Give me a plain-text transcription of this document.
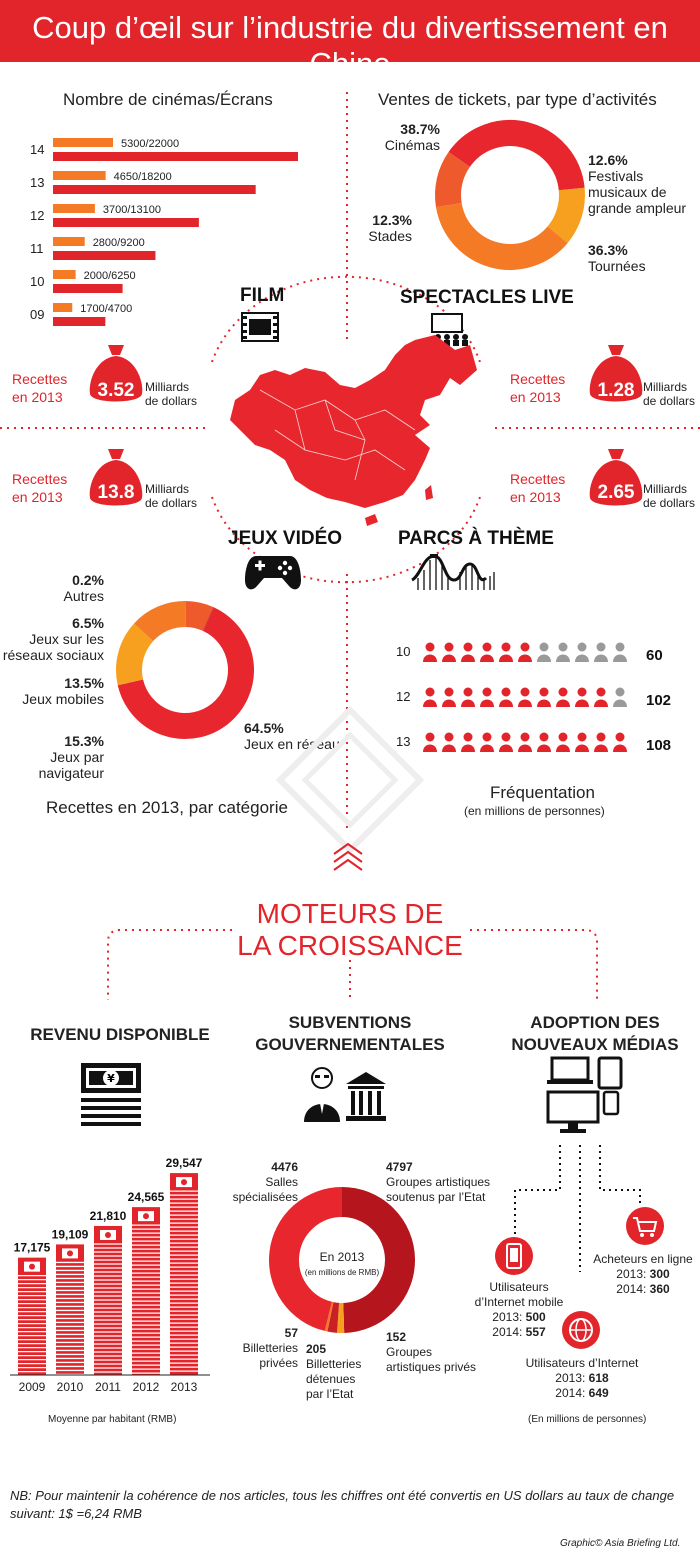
Coup d’œil sur l’industrie du divertissement en Chine
Nombre de cinémas/Écrans
14	5300/22000
13	4650/18200
12	3700/13100
11	2800/9200
10	2000/6250
09	1700/4700
Ventes de tickets, par type d’activités
38.7%
Cinémas
12.6%
Festivals
musicaux de
grande ampleur
12.3%
Stades
36.3%
Tournées
FILM	SPECTACLES LIVE
3.52
Recettes
en 2013
Milliards
de dollars	1.28
Recettes
en 2013
Milliards
de dollars
13.8
Recettes
en 2013	Milliards
de dollars	2.65
Recettes
en 2013	Milliards
de dollars
JEUX VIDÉO	PARCS À THÈME
0.2%
Autres
6.5%
Jeux sur les
réseaux sociaux
13.5%
Jeux mobiles
15.3%
Jeux par
navigateur
64.5%
Jeux en réseau
Recettes en 2013, par catégorie
10	60
12	102
13	108
Fréquentation
(en millions de personnes)
MOTEURS DE
LA CROISSANCE
REVENU DISPONIBLE
SUBVENTIONS
GOUVERNEMENTALES
ADOPTION DES
NOUVEAUX MÉDIAS
¥
17,175
2009
19,109
2010
21,810
2011
24,565
2012
29,547
2013
Moyenne par habitant (RMB)
En 2013
(en millions de RMB)
4476
Salles spécialisées
4797
Groupes artistiques
soutenus par l’Etat
152
Groupes
artistiques privés
205
Billetteries
détenues
par l’Etat
57
Billetteries
privées
Utilisateurs
d’Internet mobile
2013: 500
2014: 557
Acheteurs en ligne
2013: 300
2014: 360
Utilisateurs d’Internet
2013: 618
2014: 649
(En millions de personnes)
NB: Pour maintenir la cohérence de nos articles, tous les chiffres ont été convertis en US dollars au taux de change
suivant: 1$ =6,24 RMB
Graphic© Asia Briefing Ltd.
